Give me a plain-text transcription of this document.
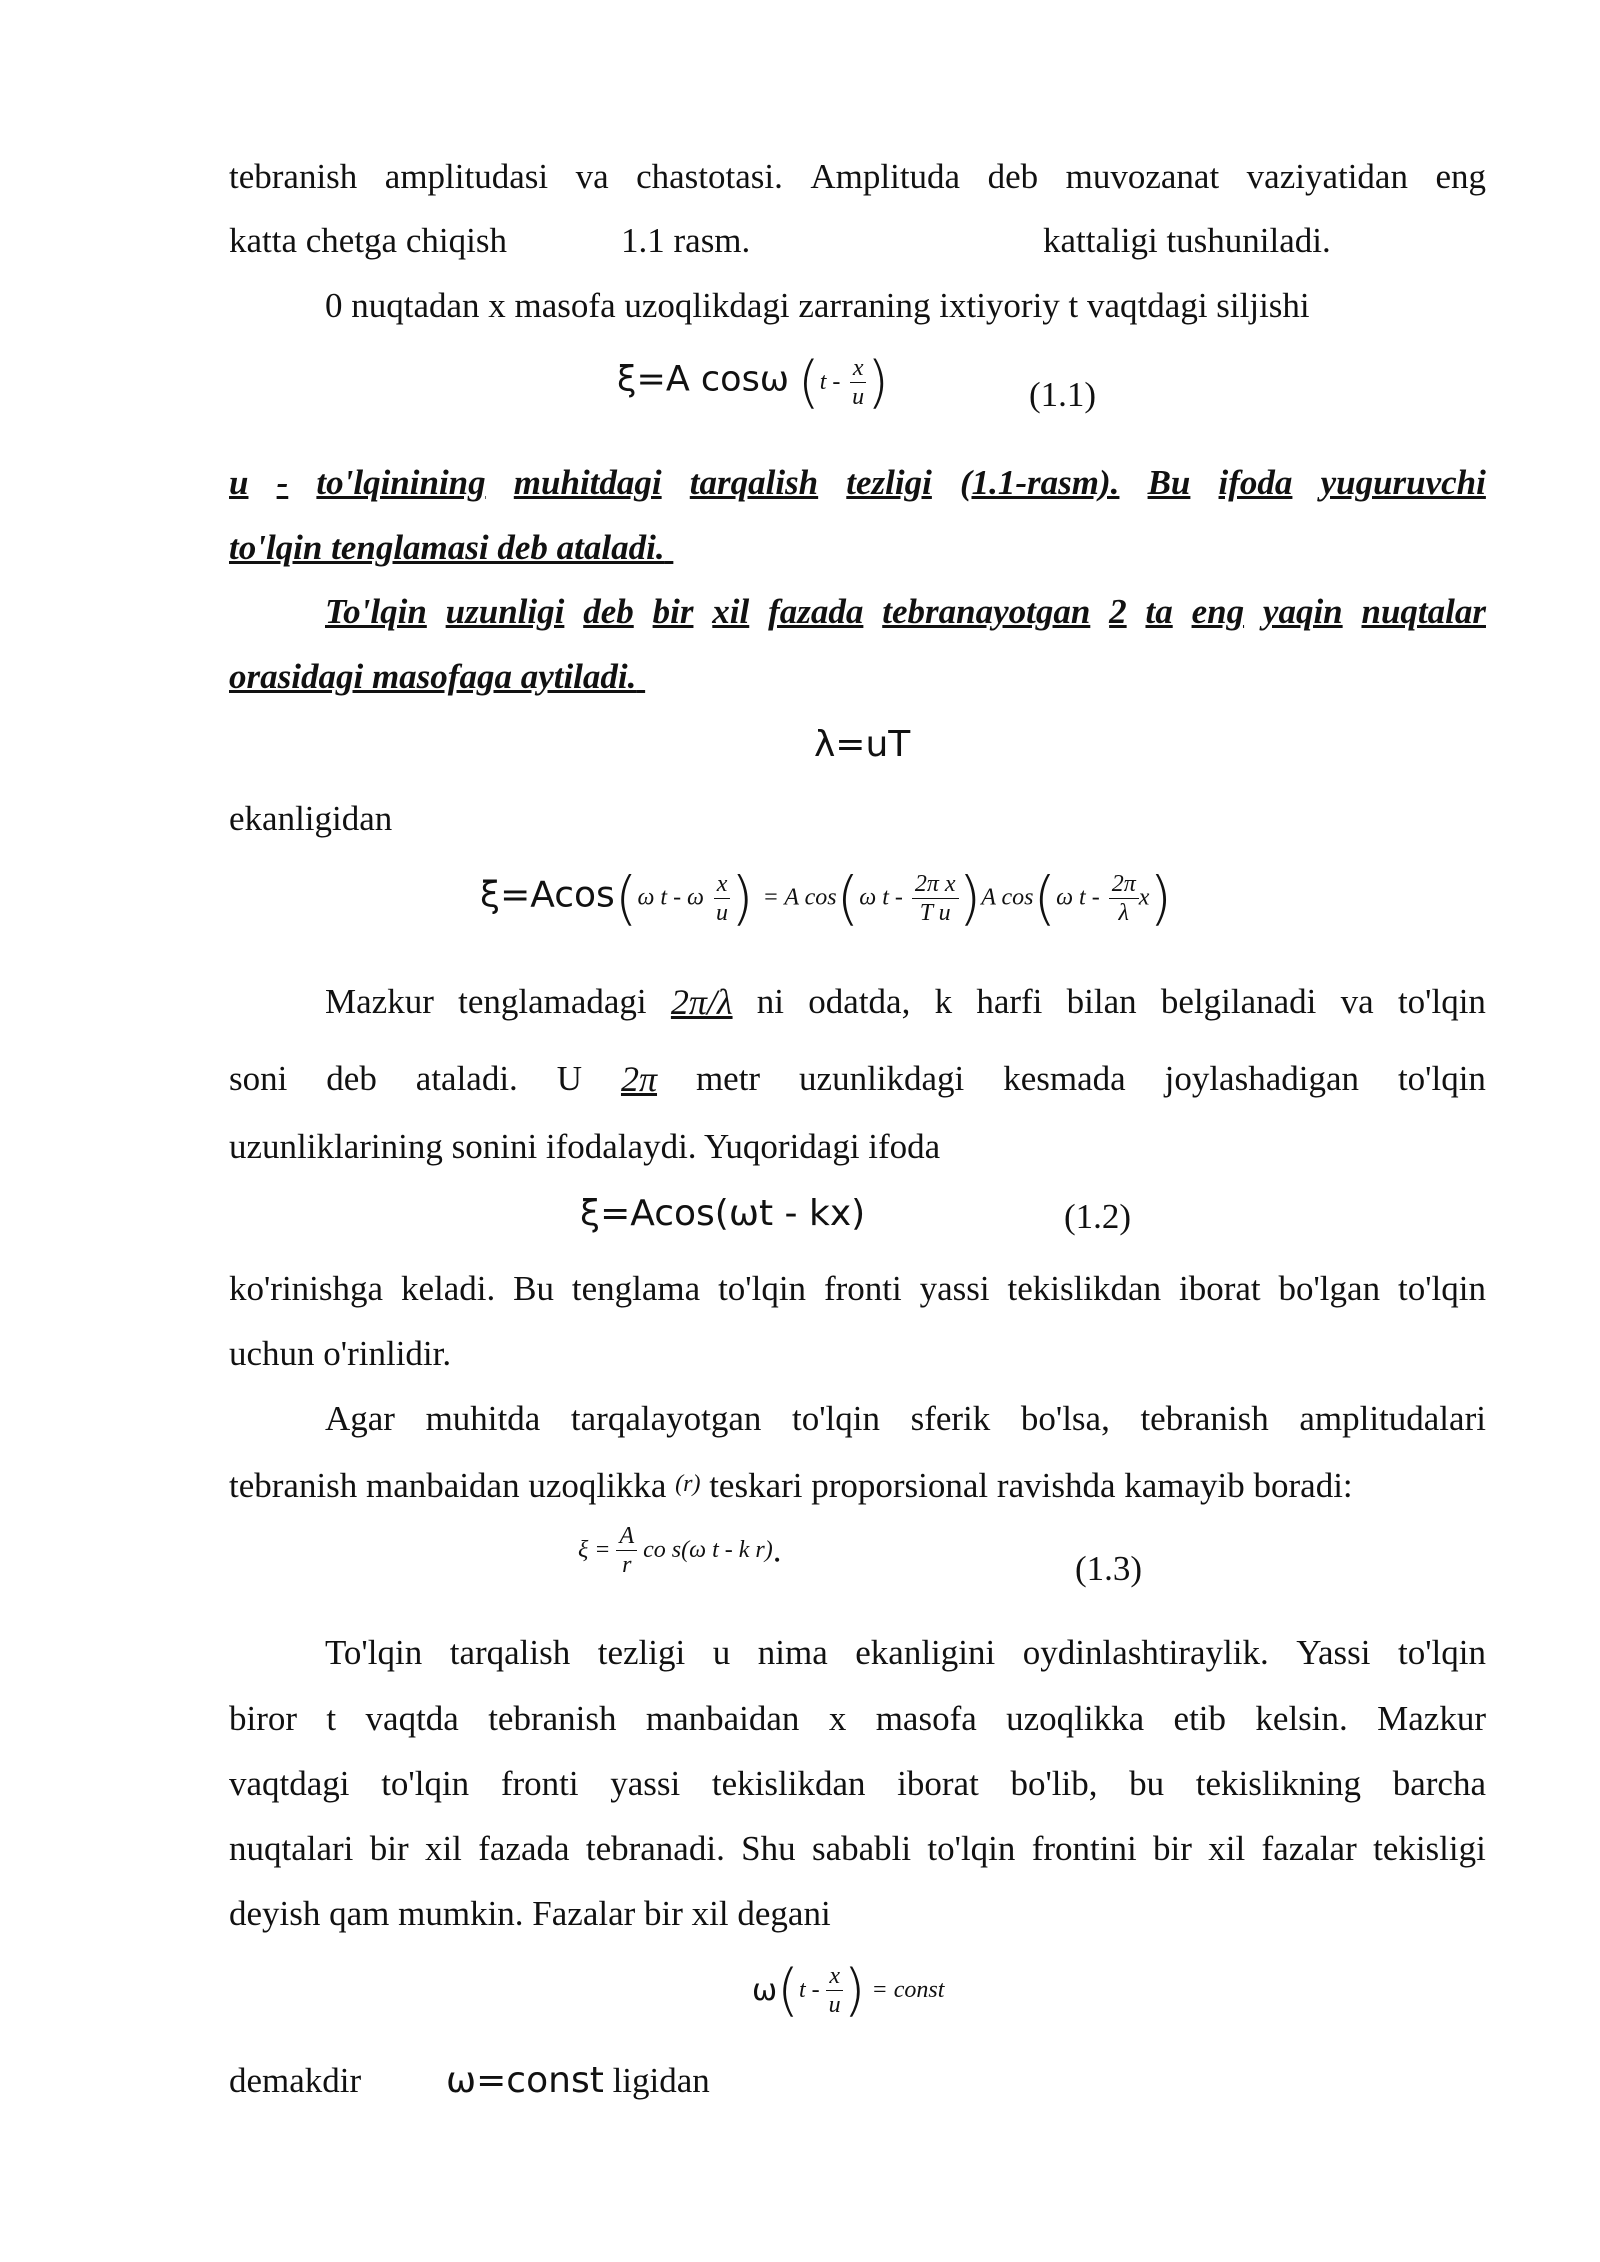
tebranish amplitudasi va chastotasi. Amplituda deb muvozanat vaziyatidan eng
katta chetga chiqish	1.1 rasm.	kattaligi tushuniladi.
0 nuqtadan x masofa uzoqlikdagi zarraning ixtiyoriy t vaqtdagi siljishi
ξ=A cosω ($t - \frac{x}{u}$ )	(1.1)
u - to'lqinining muhitdagi tarqalish tezligi (1.1-rasm). Bu ifoda yuguruvchi
to'lqin tenglamasi deb ataladi.
To'lqin uzunligi deb bir xil fazada tebranayotgan 2 ta eng yaqin nuqtalar
orasidagi masofaga aytiladi.
λ=uT
ekanligidan
ξ=Acos(ω t - ω $\frac{x}{u}$ ) = A cos(ω t - $\frac{\text{2π x}}{\text{T u}} )A$ cos(ω t - $\frac{2\pi}{\lambda} x$)
Mazkur tenglamadagi 2π/λ ni odatda, k harfi bilan belgilanadi va to'lqin
soni deb ataladi. U 2π metr uzunlikdagi kesmada joylashadigan to'lqin
uzunliklarining sonini ifodalaydi. Yuqoridagi ifoda
ξ=Acos(ωt - kx)	(1.2)
ko'rinishga keladi. Bu tenglama to'lqin fronti yassi tekislikdan iborat bo'lgan to'lqin
uchun o'rinlidir.
Agar muhitda tarqalayotgan to'lqin sferik bo'lsa, tebranish amplitudalari
tebranish manbaidan uzoqlikka (r) teskari proporsional ravishda kamayib boradi:
$\xi = \frac{A}{r}$ co s(ω t - k r).	(1.3)
To'lqin tarqalish tezligi u nima ekanligini oydinlashtiraylik. Yassi to'lqin
biror t vaqtda tebranish manbaidan x masofa uzoqlikka etib kelsin. Mazkur
vaqtdagi to'lqin fronti yassi tekislikdan iborat bo'lib, bu tekislikning barcha
nuqtalari bir xil fazada tebranadi. Shu sababli to'lqin frontini bir xil fazalar tekisligi
deyish qam mumkin. Fazalar bir xil degani
$\omega(t - \frac{x}{u}$ ) = const
demakdir ω=const ligidan
